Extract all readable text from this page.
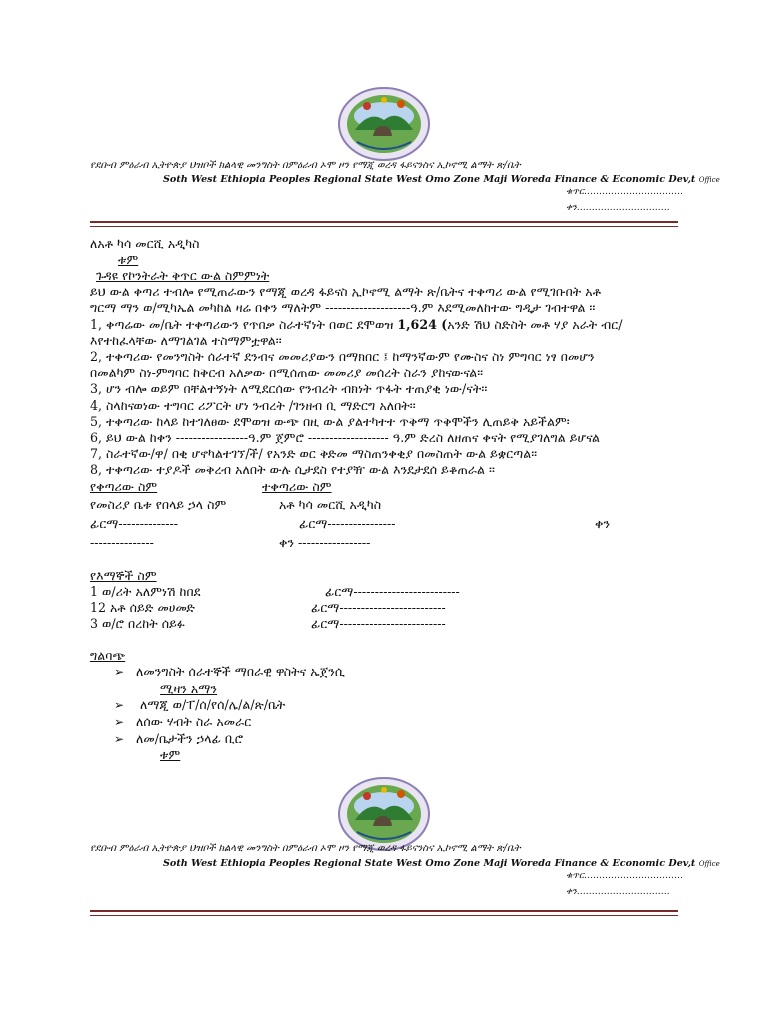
የደቡብ ምዕራብ ኢትዮጵያ ህዝቦች ክልላዊ መንግስት በምዕራብ ኦሞ ዞን የማጂ ወረዳ ፋይናንስና ኢኮኖሚ ልማት ጽ/ቤት
Soth West Ethiopia Peoples Regional State West Omo Zone Maji Woreda Finance & Economic Dev,t Office
ቁጥር……………………………
ቀን………………………….
ለአቶ ካሳ መርሺ አዲካስ
ቱም
ጉዳዩ የኮንትራት ቅጥር ውል ስምምነት
ይህ ውል ቀጣሪ ተብሎ የሚጠራውን የማጂ ወረዳ ፋይናስ ኢኮኖሚ ልማት ጽ/ቤትና ተቀጣሪ ውል የሚገቡበት አቶ
ግርማ ማን ወ/ሚካኤል መካከል ዛሬ በቀን ማለትም --------------------ዓ.ም እደሚመለከተው ግዲታ ገብተዋል ፡፡
1, ቀጣሬው መ/ቤት ተቀጣሪውን የጥበቃ ስራተኛነት በወር ደሞወዝ 1,624 (አንድ ሽህ ስድስት መቶ ሃያ አራት ብር/
እየተከፈላቸው ለማገልገል ተስማምቷዋል፡፡
2, ተቀጣሪው የመንግስት ሰራተኛ ደንብና መመሪያውን በማክበር ፤ ከማንኛውም የሙስና ስነ ምግባር ነፃ በመሆን
በመልካም ስነ-ምግባር ከቅርብ አለቃው በሚሰጠው መመሪያ መሰረት ስራን ያከናውናል፡፡
3, ሆን ብሎ ወይም በቸልተኝነት ለሚደርሰው የንብረት ብክነት ጥፋት ተጠያቂ ነው/ናት፡፡
4, ስላከናወነው ተግባር ሪፖርት ሆነ ንብረት /ገንዘብ ቢ ማድርግ አለበት፡፡
5, ተቀጣሪው ከላይ ከተገለፀው ደሞወዝ ውጭ በዚ ውል ያልተካተተ ጥቅማ ጥቅሞችን ሊጠይቅ አይችልም፡
6, ይህ ውል ከቀን -----------------ዓ.ም ጀምሮ ------------------- ዓ.ም ድረስ ለዘጠና ቀናት የሚያገለግል ይሆናል
7, ስራተኛው/ዋ/ በቂ ሆኖካልተገኘ/ች/ የአንድ ወር ቅድመ ማስጠንቀቂያ በመስጠት ውል ይቋርጣል፡፡
8, ተቀጣሪው ተያዶች መቅረብ አለበት ውሉ ሲታደስ የተያዥ ውል እንደታደሰ ይቆጠራል ፡፡
የቀጣሪው ስም	ተቀጣሪው ስም
የመስሪያ ቤቱ የበላይ ኃላ ስም	አቶ ካሳ መርሺ አዲካስ
ፊርማ--------------	ፊርማ----------------	ቀን
---------------	ቀን -----------------
የእማኞች ስም
1 ወ/ሪት አለምነሽ ከበደ	ፊርማ-------------------------
12 አቶ ሰይድ መሀመድ	ፊርማ-------------------------
3 ወ/ሮ በረከት ሰይፉ	ፊርማ-------------------------
ግልባጭ
➢ ለመንግስት ሰራተኞች ማበራዊ ዋስትና ኤጀንሲ
ሚዛን አማን
➢ ለማጂ ወ/ፐ/ሰ/የሰ/ሌ/ል/ጽ/ቤት
➢ ለሰው ሃብት ስራ አመራር
➢ ለመ/ቤታችን ኃላፊ ቢሮ
ቱም
የደቡብ ምዕራብ ኢትዮጵያ ህዝቦች ክልላዊ መንግስት በምዕራብ ኦሞ ዞን የማጂ ወረዳ ፋይናንስና ኢኮኖሚ ልማት ጽ/ቤት
Soth West Ethiopia Peoples Regional State West Omo Zone Maji Woreda Finance & Economic Dev,t Office
ቁጥር……………………………
ቀን………………………….
